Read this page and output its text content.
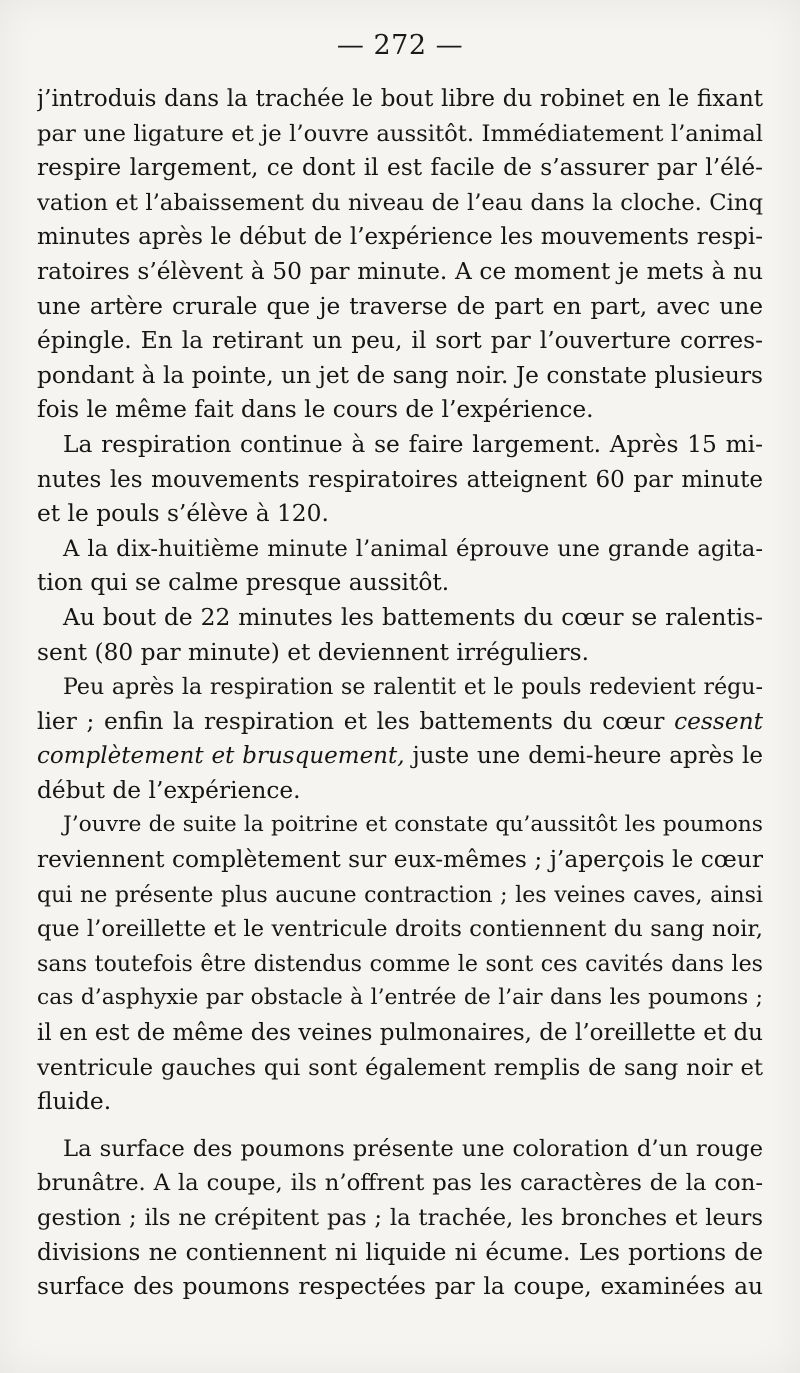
— 272 —
j’introduis dans la trachée le bout libre du robinet en le fixant
par une ligature et je l’ouvre aussitôt. Immédiatement l’animal
respire largement, ce dont il est facile de s’assurer par l’élé-
vation et l’abaissement du niveau de l’eau dans la cloche. Cinq
minutes après le début de l’expérience les mouvements respi-
ratoires s’élèvent à 50 par minute. A ce moment je mets à nu
une artère crurale que je traverse de part en part, avec une
épingle. En la retirant un peu, il sort par l’ouverture corres-
pondant à la pointe, un jet de sang noir. Je constate plusieurs
fois le même fait dans le cours de l’expérience.
La respiration continue à se faire largement. Après 15 mi-
nutes les mouvements respiratoires atteignent 60 par minute
et le pouls s’élève à 120.
A la dix-huitième minute l’animal éprouve une grande agita-
tion qui se calme presque aussitôt.
Au bout de 22 minutes les battements du cœur se ralentis-
sent (80 par minute) et deviennent irréguliers.
Peu après la respiration se ralentit et le pouls redevient régu-
lier ; enfin la respiration et les battements du cœur cessent
complètement et brusquement, juste une demi-heure après le
début de l’expérience.
J’ouvre de suite la poitrine et constate qu’aussitôt les poumons
reviennent complètement sur eux-mêmes ; j’aperçois le cœur
qui ne présente plus aucune contraction ; les veines caves, ainsi
que l’oreillette et le ventricule droits contiennent du sang noir,
sans toutefois être distendus comme le sont ces cavités dans les
cas d’asphyxie par obstacle à l’entrée de l’air dans les poumons ;
il en est de même des veines pulmonaires, de l’oreillette et du
ventricule gauches qui sont également remplis de sang noir et
fluide.
La surface des poumons présente une coloration d’un rouge
brunâtre. A la coupe, ils n’offrent pas les caractères de la con-
gestion ; ils ne crépitent pas ; la trachée, les bronches et leurs
divisions ne contiennent ni liquide ni écume. Les portions de
surface des poumons respectées par la coupe, examinées au
